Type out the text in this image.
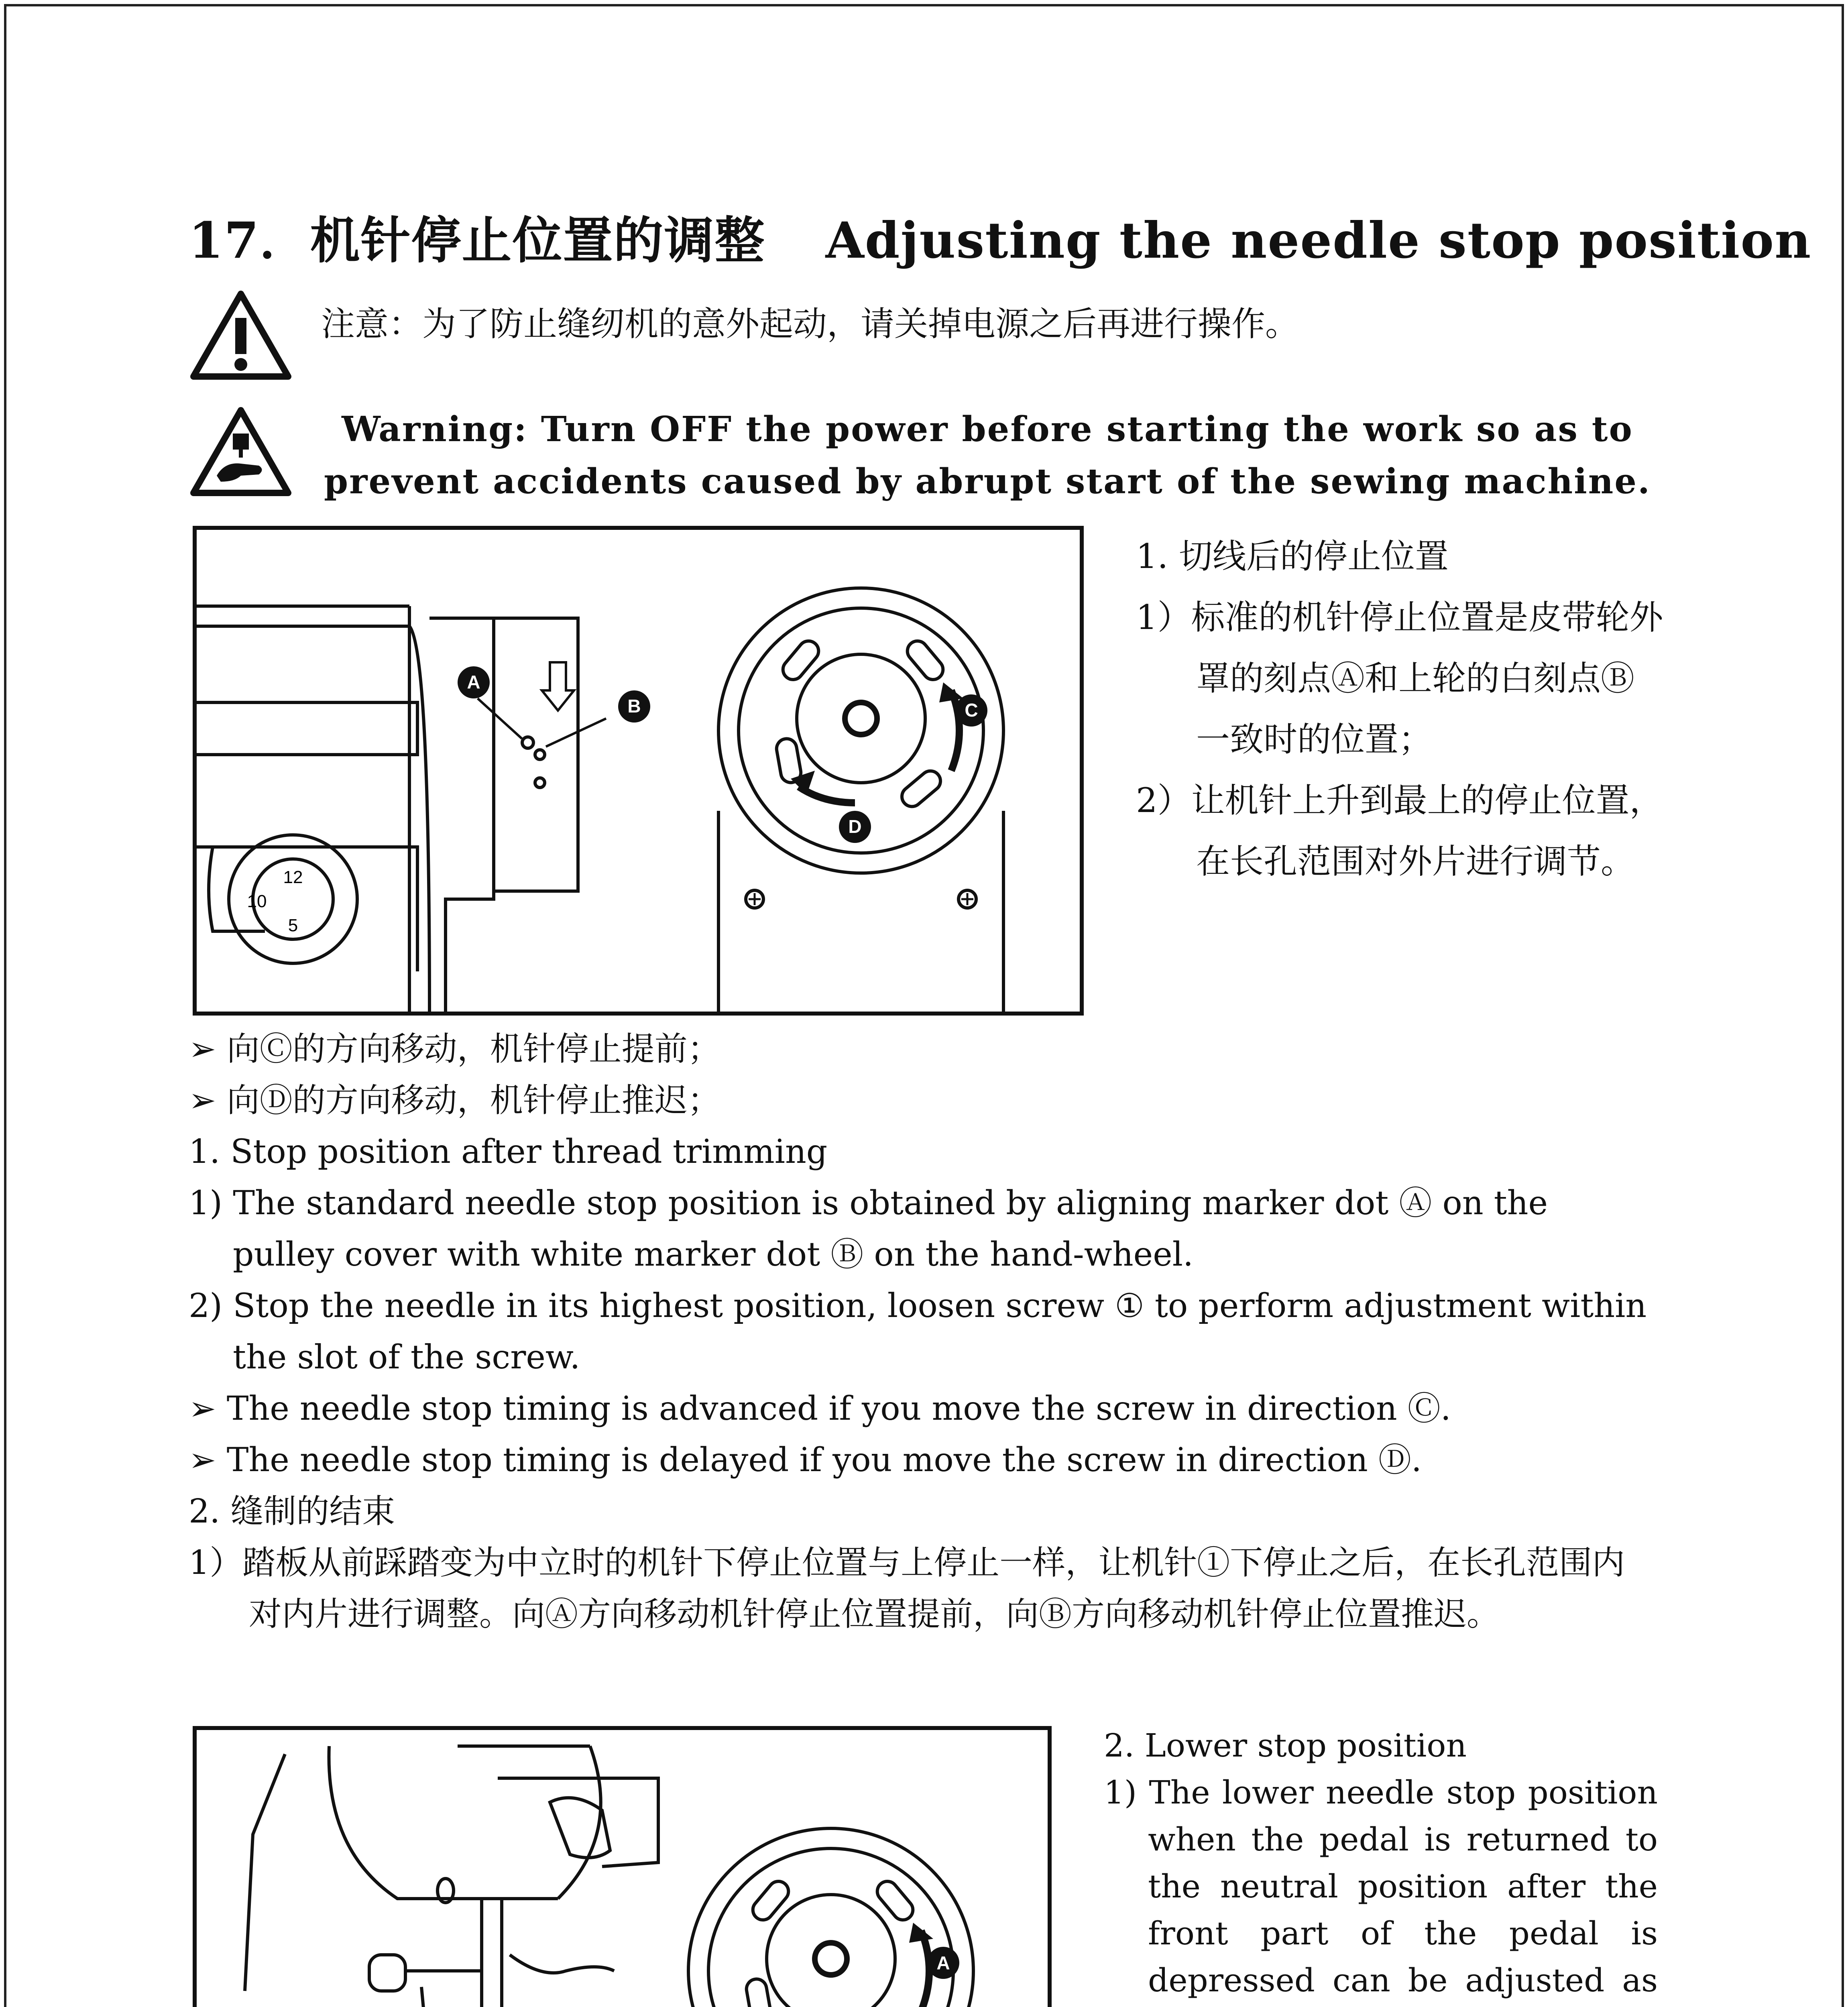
17．机针停止位置的调整 Adjusting the needle stop position
注意：为了防止缝纫机的意外起动，请关掉电源之后再进行操作。
Warning: Turn OFF the power before starting the work so as to prevent accidents caused by abrupt start of the sewing machine.
A
B	C
D
12
10
5

1. 切线后的停止位置

1）标准的机针停止位置是皮带轮外罩的刻点Ⓐ和上轮的白刻点Ⓑ一致时的位置；

2）让机针上升到最上的停止位置，在长孔范围对外片进行调节。

➢ 向Ⓒ的方向移动，机针停止提前；

➢ 向Ⓓ的方向移动，机针停止推迟；

1. Stop position after thread trimming

1) The standard needle stop position is obtained by aligning marker dot Ⓐ on the pulley cover with white marker dot Ⓑ on the hand-wheel.

2) Stop the needle in its highest position, loosen screw ① to perform adjustment within the slot of the screw.

➢ The needle stop timing is advanced if you move the screw in direction Ⓒ.

➢ The needle stop timing is delayed if you move the screw in direction Ⓓ.

2. 缝制的结束

1）踏板从前踩踏变为中立时的机针下停止位置与上停止一样，让机针①下停止之后，在长孔范围内对内片进行调整。向Ⓐ方向移动机针停止位置提前，向Ⓑ方向移动机针停止位置推迟。

A

2. Lower stop position

1) The lower needle stop position when the pedal is returned to the neutral position after the front part of the pedal is depressed can be adjusted as
